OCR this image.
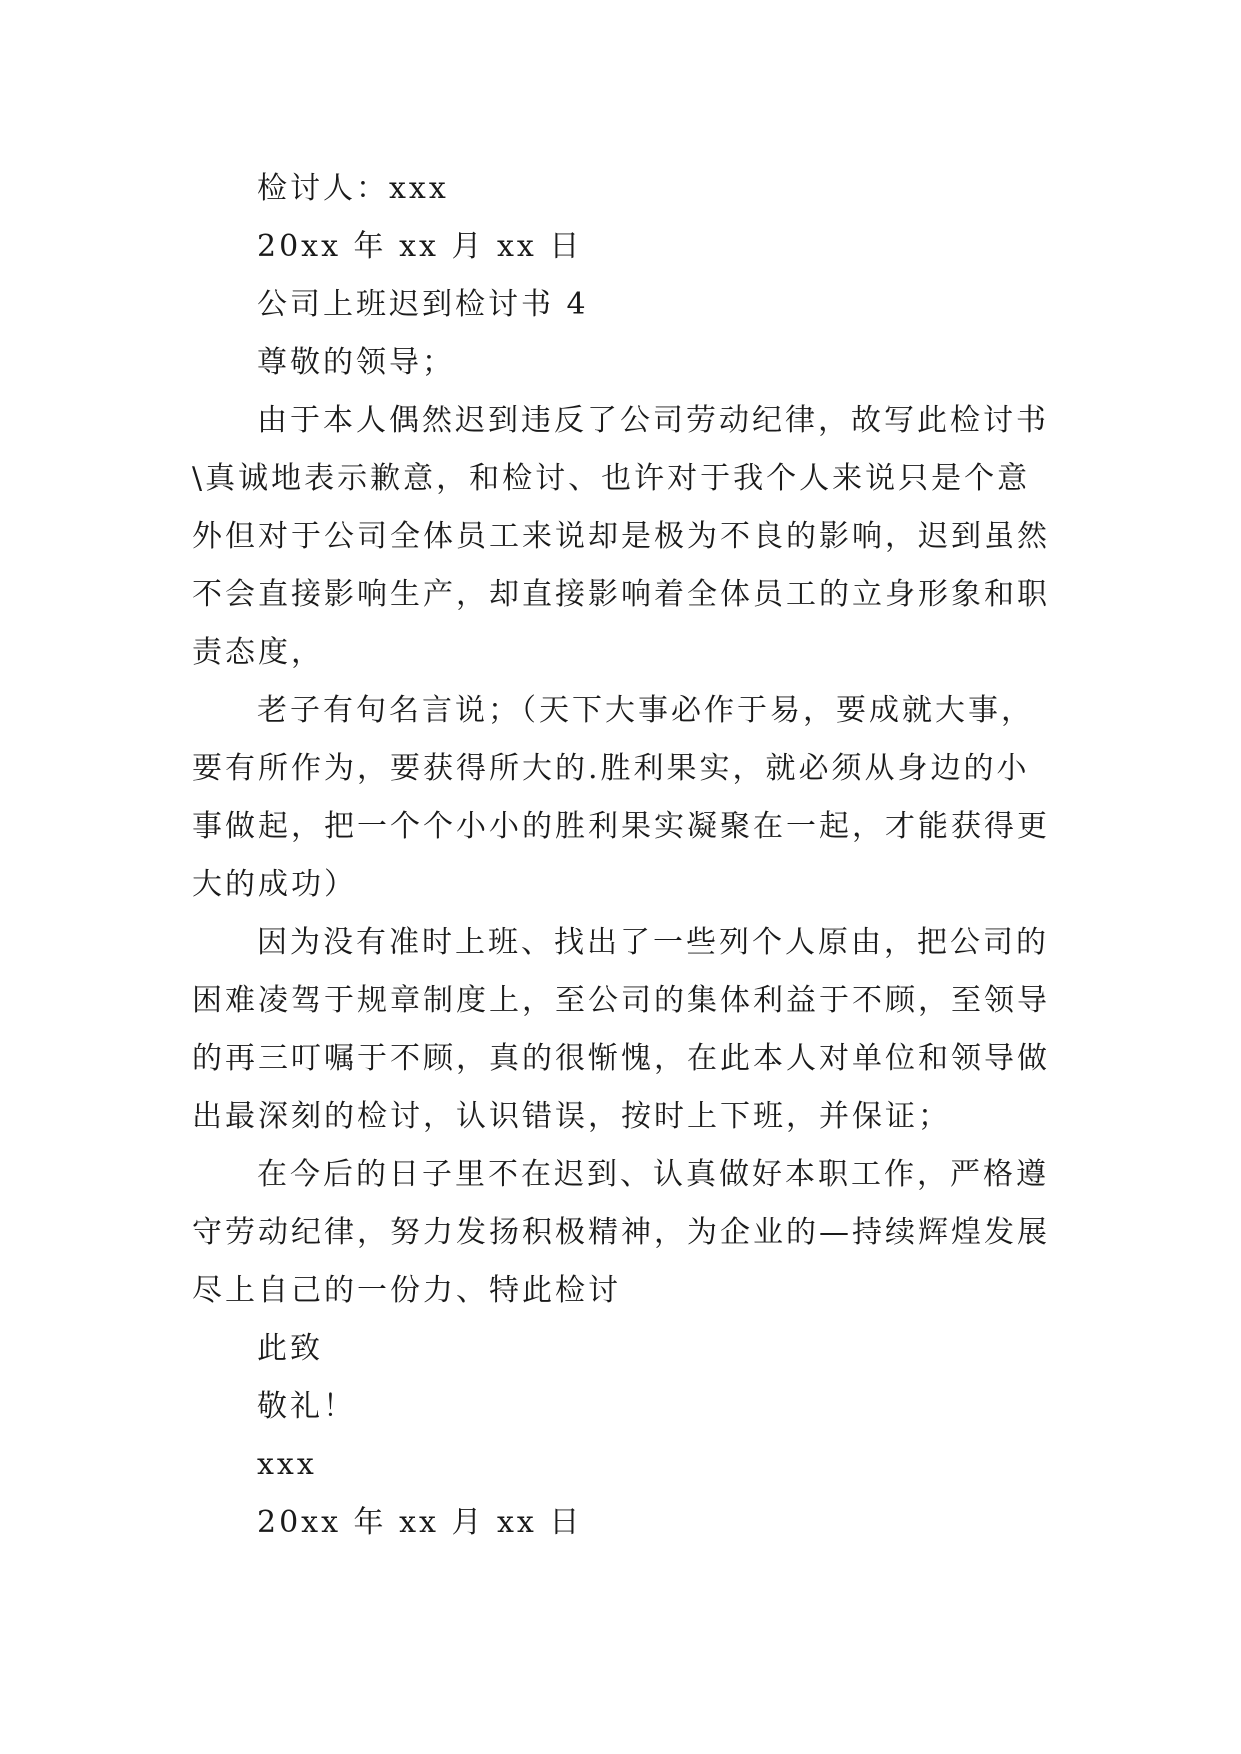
检讨人：xxx
20xx 年 xx 月 xx 日
公司上班迟到检讨书 4
尊敬的领导；
由于本人偶然迟到违反了公司劳动纪律，故写此检讨书
\真诚地表示歉意，和检讨、也许对于我个人来说只是个意
外但对于公司全体员工来说却是极为不良的影响，迟到虽然
不会直接影响生产，却直接影响着全体员工的立身形象和职
责态度，
老子有句名言说；（天下大事必作于易，要成就大事，
要有所作为，要获得所大的.胜利果实，就必须从身边的小
事做起，把一个个小小的胜利果实凝聚在一起，才能获得更
大的成功）
因为没有准时上班、找出了一些列个人原由，把公司的
困难凌驾于规章制度上，至公司的集体利益于不顾，至领导
的再三叮嘱于不顾，真的很惭愧，在此本人对单位和领导做
出最深刻的检讨，认识错误，按时上下班，并保证；
在今后的日子里不在迟到、认真做好本职工作，严格遵
守劳动纪律，努力发扬积极精神，为企业的—持续辉煌发展
尽上自己的一份力、特此检讨
此致
敬礼！
xxx
20xx 年 xx 月 xx 日
